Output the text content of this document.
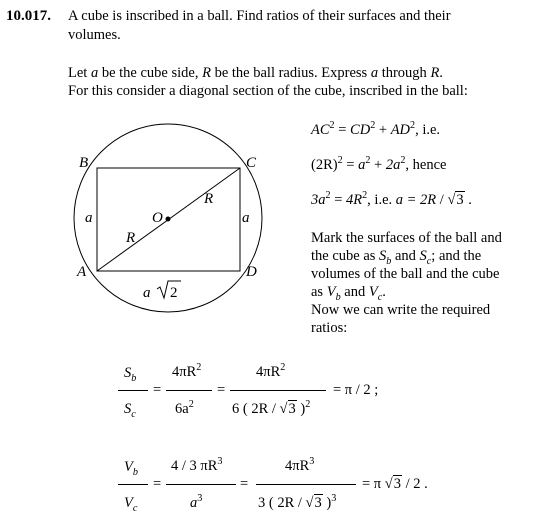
10.017. A cube is inscribed in a ball. Find ratios of their surfaces and their
volumes.
Let a be the cube side, R be the ball radius. Express a through R.
For this consider a diagonal section of the cube, inscribed in the ball:
B	C
A	D
O
R
R
a	a
a 2
$AC^2 = CD^2 + AD^2$, i.e.
$(2R)^2 = a^2 + 2a^2$, hence
$3a^2 = 4R^2$, i.e. a = 2R / √3 .
Mark the surfaces of the ball and
the cube as $S_b$ and $S_c$; and the
volumes of the ball and the cube
as $V_b$ and $V_c$.
Now we can write the required
ratios:
$S_b$
$S_c$
=
$4\pi R^2$
$6a^2$
=
$4\pi R^2$
6 ( 2R / √3 )$^2$
= π / 2 ;
$V_b$
$V_c$
=
4 / 3 $\pi R^3$
$a^3$
=
$4\pi R^3$
3 ( 2R / √3 )$^3$
= π √3 / 2 .
